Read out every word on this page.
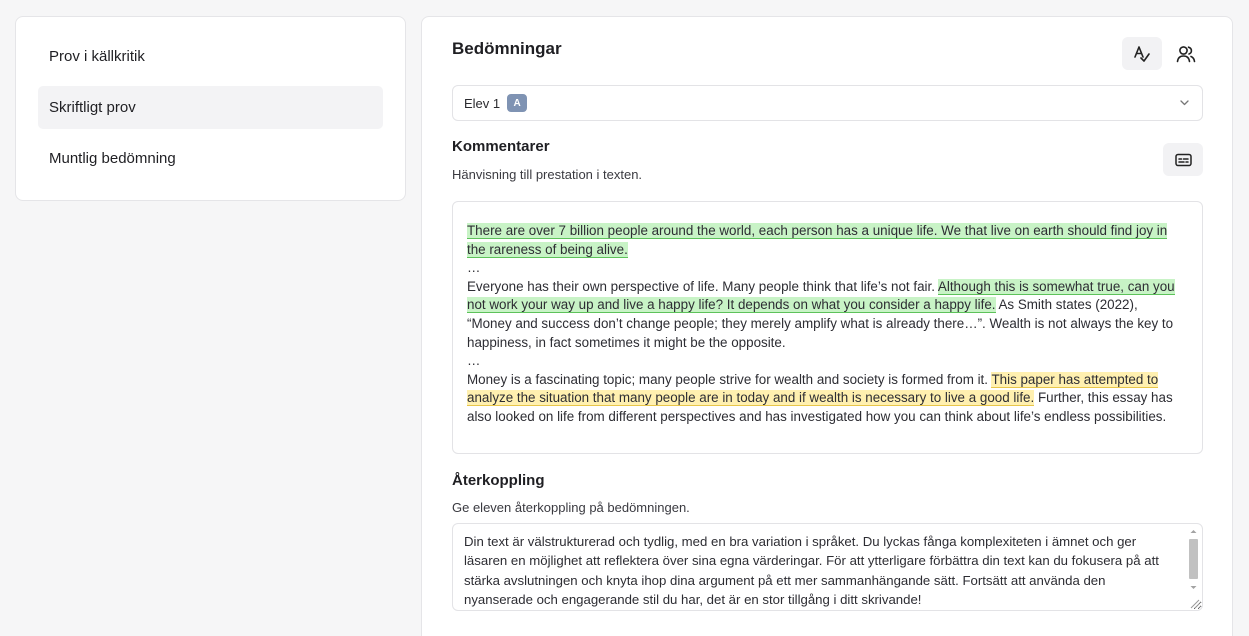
Prov i källkritik
Skriftligt prov
Muntlig bedömning
Bedömningar
Elev 1	A
Kommentarer
Hänvisning till prestation i texten.

There are over 7 billion people around the world, each person has a unique life. We that live on earth should find joy in the rareness of being alive.

…

Everyone has their own perspective of life. Many people think that life’s not fair. Although this is somewhat true, can you not work your way up and live a happy life? It depends on what you consider a happy life. As Smith states (2022), “Money and success don’t change people; they merely amplify what is already there…”. Wealth is not always the key to happiness, in fact sometimes it might be the opposite.

…

Money is a fascinating topic; many people strive for wealth and society is formed from it. This paper has attempted to analyze the situation that many people are in today and if wealth is necessary to live a good life. Further, this essay has also looked on life from different perspectives and has investigated how you can think about life’s endless possibilities.

Återkoppling
Ge eleven återkoppling på bedömningen.
Din text är välstrukturerad och tydlig, med en bra variation i språket. Du lyckas fånga komplexiteten i ämnet och ger läsaren en möjlighet att reflektera över sina egna värderingar. För att ytterligare förbättra din text kan du fokusera på att stärka avslutningen och knyta ihop dina argument på ett mer sammanhängande sätt. Fortsätt att använda den nyanserade och engagerande stil du har, det är en stor tillgång i ditt skrivande!
